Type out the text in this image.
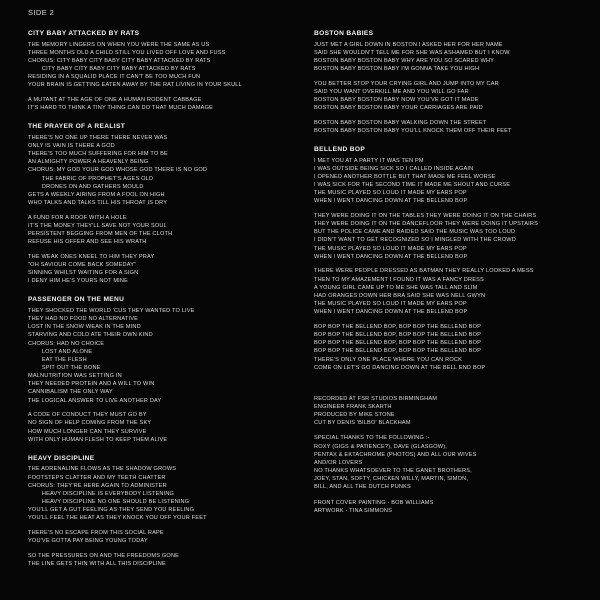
SIDE 2
CITY BABY ATTACKED BY RATS
THE MEMORY LINGERS ON WHEN YOU WERE THE SAME AS US
THREE MONTHS OLD A CHILD STILL YOU LIVED OFF LOVE AND FUSS
CHORUS: CITY BABY CITY BABY CITY BABY ATTACKED BY RATS
CITY BABY CITY BABY CITY BABY ATTACKED BY RATS
RESIDING IN A SQUALID PLACE IT CAN'T BE TOO MUCH FUN
YOUR BRAIN IS GETTING EATEN AWAY BY THE RAT LIVING IN YOUR SKULL
A MUTANT AT THE AGE OF ONE A HUMAN RODENT CABBAGE
IT'S HARD TO THINK A TINY THING CAN DO THAT MUCH DAMAGE
THE PRAYER OF A REALIST
THERE'S NO ONE UP THERE THERE NEVER WAS
ONLY IS VAIN IS THERE A GOD
THERE'S TOO MUCH SUFFERING FOR HIM TO BE
AN ALMIGHTY POWER A HEAVENLY BEING
CHORUS: MY GOD YOUR GOD WHOSE GOD THERE IS NO GOD
THE FABRIC OF PROPHET'S AGES OLD
DRONES ON AND GATHERS MOULD
GETS A WEEKLY AIRING FROM A FOOL ON HIGH
WHO TALKS AND TALKS TILL HIS THROAT IS DRY
A FUND FOR A ROOF WITH A HOLE
IT'S THE MONEY THEY'LL SAVE NOT YOUR SOUL
PERSISTENT BEGGING FROM MEN OF THE CLOTH
REFUSE HIS OFFER AND SEE HIS WRATH
THE WEAK ONES KNEEL TO HIM THEY PRAY
"OH SAVIOUR COME BACK SOMEDAY"
SINNING WHILST WAITING FOR A SIGN
I DENY HIM HE'S YOURS NOT MINE
PASSENGER ON THE MENU
THEY SHOCKED THE WORLD 'CUS THEY WANTED TO LIVE
THEY HAD NO FOOD NO ALTERNATIVE
LOST IN THE SNOW WEAK IN THE MIND
STARVING AND COLD ATE THEIR OWN KIND
CHORUS: HAD NO CHOICE
LOST AND ALONE
EAT THE FLESH
SPIT OUT THE BONE
MALNUTRITION WAS SETTING IN
THEY NEEDED PROTEIN AND A WILL TO WIN
CANNIBALISM THE ONLY WAY
THE LOGICAL ANSWER TO LIVE ANOTHER DAY
A CODE OF CONDUCT THEY MUST GO BY
NO SIGN OF HELP COMING FROM THE SKY
HOW MUCH LONGER CAN THEY SURVIVE
WITH ONLY HUMAN FLESH TO KEEP THEM ALIVE
HEAVY DISCIPLINE
THE ADRENALINE FLOWS AS THE SHADOW GROWS
FOOTSTEPS CLATTER AND MY TEETH CHATTER
CHORUS: THEY'RE HERE AGAIN TO ADMINISTER
HEAVY DISCIPLINE IS EVERYBODY LISTENING
HEAVY DISCIPLINE NO ONE SHOULD BE LISTENING
YOU'LL GET A GUT FEELING AS THEY SEND YOU REELING
YOU'LL FEEL THE HEAT AS THEY KNOCK YOU OFF YOUR FEET
THERE'S NO ESCAPE FROM THIS SOCIAL RAPE
YOU'VE GOTTA PAY BEING YOUNG TODAY
SO THE PRESSURES ON AND THE FREEDOMS GONE
THE LINE GETS THIN WITH ALL THIS DISCIPLINE
BOSTON BABIES
JUST MET A GIRL DOWN IN BOSTON I ASKED HER FOR HER NAME
SAID SHE WOULDN'T TELL ME FOR SHE WAS ASHAMED BUT I KNOW
BOSTON BABY BOSTON BABY WHY ARE YOU SO SCARED WHY
BOSTON BABY BOSTON BABY I'M GONNA TAKE YOU HIGH
YOU BETTER STOP YOUR CRYING GIRL AND JUMP INTO MY CAR
SAID YOU WANT OVERKILL ME AND YOU WILL GO FAR
BOSTON BABY BOSTON BABY NOW YOU'VE GOT IT MADE
BOSTON BABY BOSTON BABY YOUR CARRIAGES ARE PAID
BOSTON BABY BOSTON BABY WALKING DOWN THE STREET
BOSTON BABY BOSTON BABY YOU'LL KNOCK THEM OFF THEIR FEET
BELLEND BOP
I MET YOU AT A PARTY IT WAS TEN PM
I WAS OUTSIDE BEING SICK SO I CALLED INSIDE AGAIN
I OPENED ANOTHER BOTTLE BUT THAT MADE ME FEEL WORSE
I WAS SICK FOR THE SECOND TIME IT MADE ME SHOUT AND CURSE
THE MUSIC PLAYED SO LOUD IT MADE MY EARS POP
WHEN I WENT DANCING DOWN AT THE BELLEND BOP
THEY WERE DOING IT ON THE TABLES THEY WERE DOING IT ON THE CHAIRS
THEY WERE DOING IT ON THE DANCEFLOOR THEY WERE DOING IT UPSTAIRS
BUT THE POLICE CAME AND RAIDED SAID THE MUSIC WAS TOO LOUD
I DIDN'T WANT TO GET RECOGNIZED SO I MINGLED WITH THE CROWD
THE MUSIC PLAYED SO LOUD IT MADE MY EARS POP
WHEN I WENT DANCING DOWN AT THE BELLEND BOP
THERE WERE PEOPLE DRESSED AS BATMAN THEY REALLY LOOKED A MESS
THEN TO MY AMAZEMENT I FOUND IT WAS A FANCY DRESS
A YOUNG GIRL CAME UP TO ME SHE WAS TALL AND SLIM
HAD ORANGES DOWN HER BRA SAID SHE WAS NELL GWYN
THE MUSIC PLAYED SO LOUD IT MADE MY EARS POP
WHEN I WENT DANCING DOWN AT THE BELLEND BOP
BOP BOP THE BELLEND BOP, BOP BOP THE BELLEND BOP
BOP BOP THE BELLEND BOP, BOP BOP THE BELLEND BOP
BOP BOP THE BELLEND BOP, BOP BOP THE BELLEND BOP
BOP BOP THE BELLEND BOP, BOP BOP THE BELLEND BOP
THERE'S ONLY ONE PLACE WHERE YOU CAN ROCK
COME ON LET'S GO DANCING DOWN AT THE BELL END BOP
RECORDED AT FSR STUDIOS BIRMINGHAM
ENGINEER FRANK SKARTH
PRODUCED BY MIKE STONE
CUT BY DENIS 'BILBO' BLACKHAM
SPECIAL THANKS TO THE FOLLOWING :-
ROXY (GIGS & PATIENCE?), DAVE (GLASGOW),
PENTAX & EKTACHROME (PHOTOS) AND ALL OUR WIVES
AND/OR LOVERS
NO THANKS WHATSOEVER TO THE GANET BROTHERS,
JOEY, STAN, SOFTY, CHICKEN WILLY, MARTIN, SIMON,
BILL, AND ALL THE DUTCH PUNKS
FRONT COVER PAINTING - BOB WILLIAMS
ARTWORK - TINA SIMMONS
